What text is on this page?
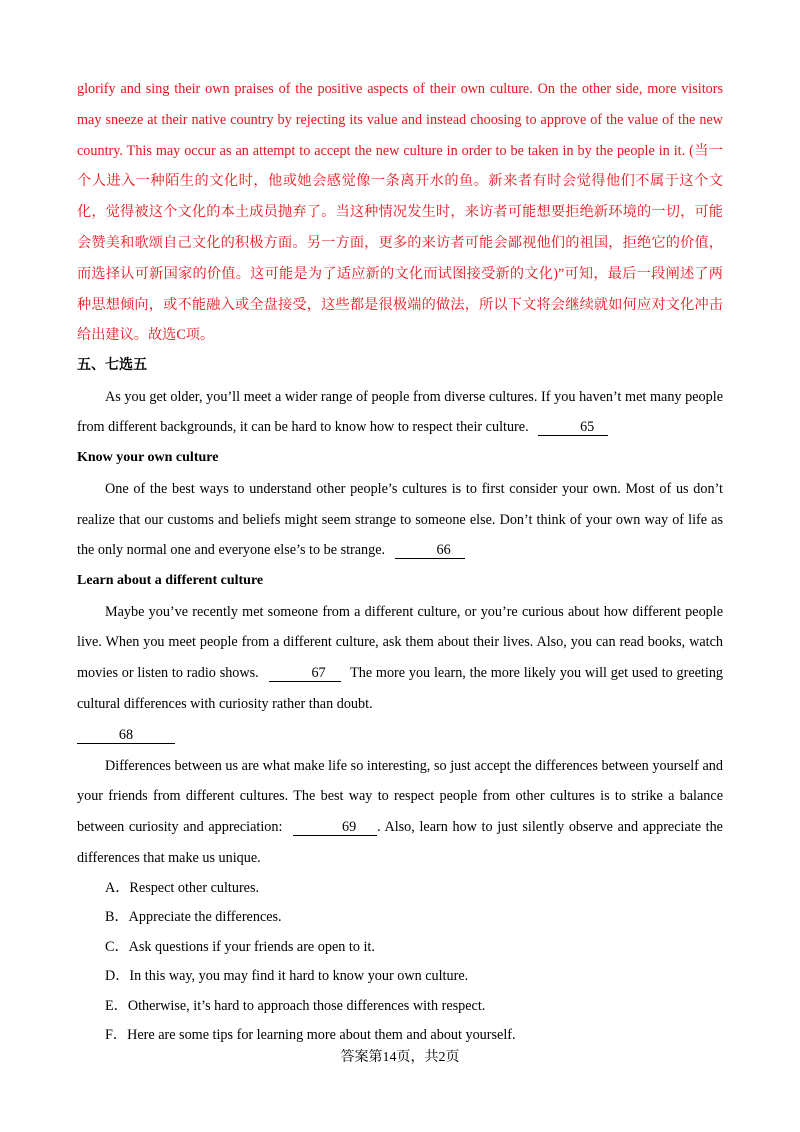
glorify and sing their own praises of the positive aspects of their own culture. On the other side, more visitors may sneeze at their native country by rejecting its value and instead choosing to approve of the value of the new country. This may occur as an attempt to accept the new culture in order to be taken in by the people in it. (当一个人进入一种陌生的文化时，他或她会感觉像一条离开水的鱼。新来者有时会觉得他们不属于这个文化，觉得被这个文化的本土成员抛弃了。当这种情况发生时，来访者可能想要拒绝新环境的一切，可能会赞美和歌颂自己文化的积极方面。另一方面，更多的来访者可能会鄙视他们的祖国，拒绝它的价值，而选择认可新国家的价值。这可能是为了适应新的文化而试图接受新的文化)”可知，最后一段阐述了两种思想倾向，或不能融入或全盘接受，这些都是很极端的做法，所以下文将会继续就如何应对文化冲击给出建议。故选C项。

五、七选五

As you get older, you’ll meet a wider range of people from diverse cultures. If you haven’t met many people from different backgrounds, it can be hard to know how to respect their culture.	65

Know your own culture

One of the best ways to understand other people’s cultures is to first consider your own. Most of us don’t realize that our customs and beliefs might seem strange to someone else. Don’t think of your own way of life as the only normal one and everyone else’s to be strange.	66

Learn about a different culture

Maybe you’ve recently met someone from a different culture, or you’re curious about how different people live. When you meet people from a different culture, ask them about their lives. Also, you can read books, watch movies or listen to radio shows.	67 The more you learn, the more likely you will get used to greeting cultural differences with curiosity rather than doubt.

68

Differences between us are what make life so interesting, so just accept the differences between yourself and your friends from different cultures. The best way to respect people from other cultures is to strike a balance between curiosity and appreciation:	69 . Also, learn how to just silently observe and appreciate the differences that make us unique.

A．Respect other cultures.

B．Appreciate the differences.

C．Ask questions if your friends are open to it.

D．In this way, you may find it hard to know your own culture.

E．Otherwise, it’s hard to approach those differences with respect.

F．Here are some tips for learning more about them and about yourself.

答案第14页，共2页
